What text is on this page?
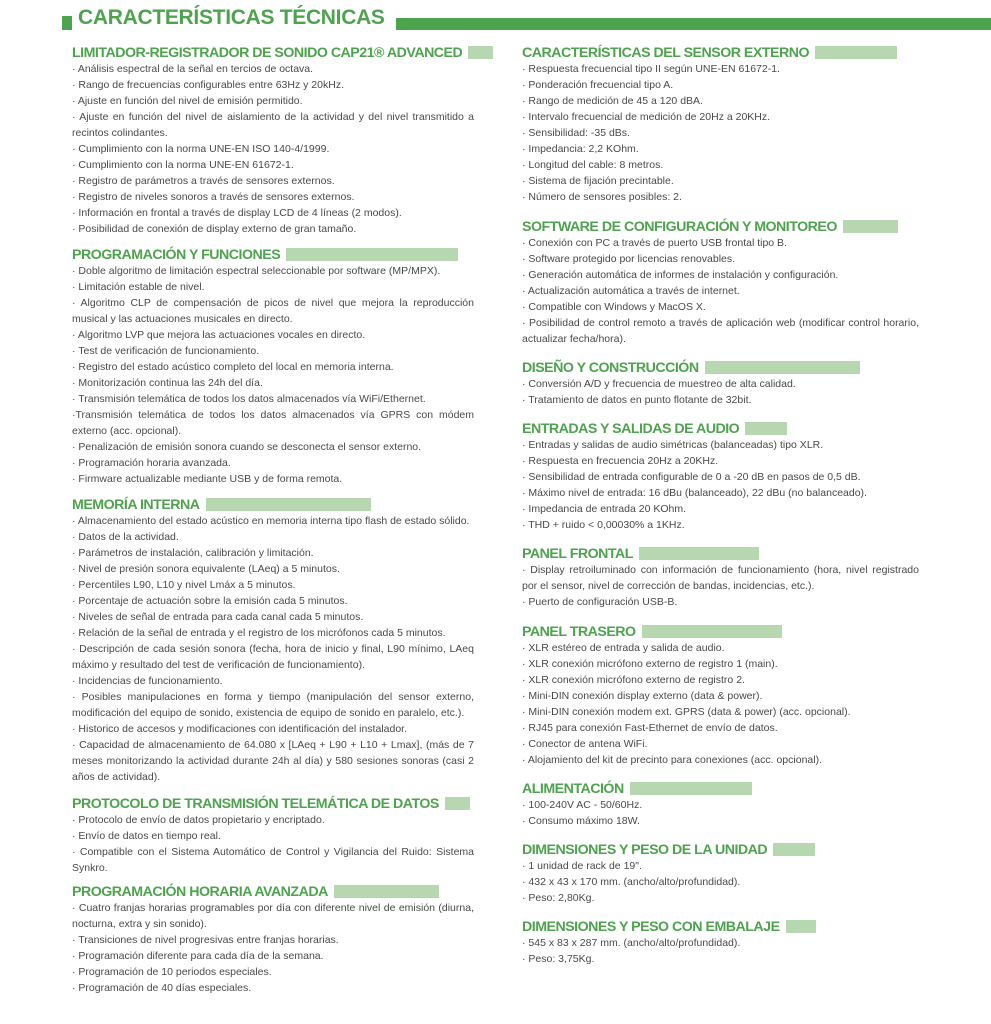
CARACTERÍSTICAS TÉCNICAS
LIMITADOR-REGISTRADOR DE SONIDO CAP21® ADVANCED
· Análisis espectral de la señal en tercios de octava.
· Rango de frecuencias configurables entre 63Hz y 20kHz.
· Ajuste en función del nivel de emisión permitido.
· Ajuste en función del nivel de aislamiento de la actividad y del nivel transmitido a recintos colindantes.
· Cumplimiento con la norma UNE-EN ISO 140-4/1999.
· Cumplimiento con la norma UNE-EN 61672-1.
· Registro de parámetros a través de sensores externos.
· Registro de niveles sonoros a través de sensores externos.
· Información en frontal a través de display LCD de 4 líneas (2 modos).
· Posibilidad de conexión de display externo de gran tamaño.
PROGRAMACIÓN Y FUNCIONES
· Doble algoritmo de limitación espectral seleccionable por software (MP/MPX).
· Limitación estable de nivel.
· Algoritmo CLP de compensación de picos de nivel que mejora la reproducción musical y las actuaciones musicales en directo.
· Algoritmo LVP que mejora las actuaciones vocales en directo.
· Test de verificación de funcionamiento.
· Registro del estado acústico completo del local en memoria interna.
· Monitorización continua las 24h del día.
· Transmisión telemática de todos los datos almacenados vía WiFi/Ethernet.
·Transmisión telemática de todos los datos almacenados vía GPRS con módem externo (acc. opcional).
· Penalización de emisión sonora cuando se desconecta el sensor externo.
· Programación horaria avanzada.
· Firmware actualizable mediante USB y de forma remota.
MEMORÍA INTERNA
· Almacenamiento del estado acústico en memoria interna tipo flash de estado sólido.
· Datos de la actividad.
· Parámetros de instalación, calibración y limitación.
· Nivel de presión sonora equivalente (LAeq) a 5 minutos.
· Percentiles L90, L10 y nivel Lmáx a 5 minutos.
· Porcentaje de actuación sobre la emisión cada 5 minutos.
· Niveles de señal de entrada para cada canal cada 5 minutos.
· Relación de la señal de entrada y el registro de los micrófonos cada 5 minutos.
· Descripción de cada sesión sonora (fecha, hora de inicio y final, L90 mínimo, LAeq máximo y resultado del test de verificación de funcionamiento).
· Incidencias de funcionamiento.
· Posibles manipulaciones en forma y tiempo (manipulación del sensor externo, modificación del equipo de sonido, existencia de equipo de sonido en paralelo, etc.).
· Historico de accesos y modificaciones con identificación del instalador.
· Capacidad de almacenamiento de 64.080 x [LAeq + L90 + L10 + Lmax], (más de 7 meses monitorizando la actividad durante 24h al día) y 580 sesiones sonoras (casi 2 años de actividad).
PROTOCOLO DE TRANSMISIÓN TELEMÁTICA DE DATOS
· Protocolo de envío de datos propietario y encriptado.
· Envío de datos en tiempo real.
· Compatible con el Sistema Automático de Control y Vigilancia del Ruido: Sistema Synkro.
PROGRAMACIÓN HORARIA AVANZADA
· Cuatro franjas horarias programables por día con diferente nivel de emisión (diurna, nocturna, extra y sin sonido).
· Transiciones de nivel progresivas entre franjas horarias.
· Programación diferente para cada día de la semana.
· Programación de 10 periodos especiales.
· Programación de 40 días especiales.
CARACTERÍSTICAS DEL SENSOR EXTERNO
· Respuesta frecuencial tipo II según UNE-EN 61672-1.
· Ponderación frecuencial tipo A.
· Rango de medición de 45 a 120 dBA.
· Intervalo frecuencial de medición de 20Hz a 20KHz.
· Sensibilidad: -35 dBs.
· Impedancia: 2,2 KOhm.
· Longitud del cable: 8 metros.
· Sistema de fijación precintable.
· Número de sensores posibles: 2.
SOFTWARE DE CONFIGURACIÓN Y MONITOREO
· Conexión con PC a través de puerto USB frontal tipo B.
· Software protegido por licencias renovables.
· Generación automática de informes de instalación y configuración.
· Actualización automática a través de internet.
· Compatible con Windows y MacOS X.
· Posibilidad de control remoto a través de aplicación web (modificar control horario, actualizar fecha/hora).
DISEÑO Y CONSTRUCCIÓN
· Conversión A/D y frecuencia de muestreo de alta calidad.
· Tratamiento de datos en punto flotante de 32bit.
ENTRADAS Y SALIDAS DE AUDIO
· Entradas y salidas de audio simétricas (balanceadas) tipo XLR.
· Respuesta en frecuencia 20Hz a 20KHz.
· Sensibilidad de entrada configurable de 0 a -20 dB en pasos de 0,5 dB.
· Máximo nivel de entrada: 16 dBu (balanceado), 22 dBu (no balanceado).
· Impedancia de entrada 20 KOhm.
· THD + ruido < 0,00030% a 1KHz.
PANEL FRONTAL
· Display retroiluminado con información de funcionamiento (hora, nivel registrado por el sensor, nivel de corrección de bandas, incidencias, etc.).
· Puerto de configuración USB-B.
PANEL TRASERO
· XLR estéreo de entrada y salida de audio.
· XLR conexión micrófono externo de registro 1 (main).
· XLR conexión micrófono externo de registro 2.
· Mini-DIN conexión display externo (data & power).
· Mini-DIN conexión modem ext. GPRS (data & power) (acc. opcional).
· RJ45 para conexión Fast-Ethernet de envío de datos.
· Conector de antena WiFi.
· Alojamiento del kit de precinto para conexiones (acc. opcional).
ALIMENTACIÓN
· 100-240V AC - 50/60Hz.
· Consumo máximo 18W.
DIMENSIONES Y PESO DE LA UNIDAD
· 1 unidad de rack de 19".
· 432 x 43 x 170 mm. (ancho/alto/profundidad).
· Peso: 2,80Kg.
DIMENSIONES Y PESO CON EMBALAJE
· 545 x 83 x 287 mm. (ancho/alto/profundidad).
· Peso: 3,75Kg.
